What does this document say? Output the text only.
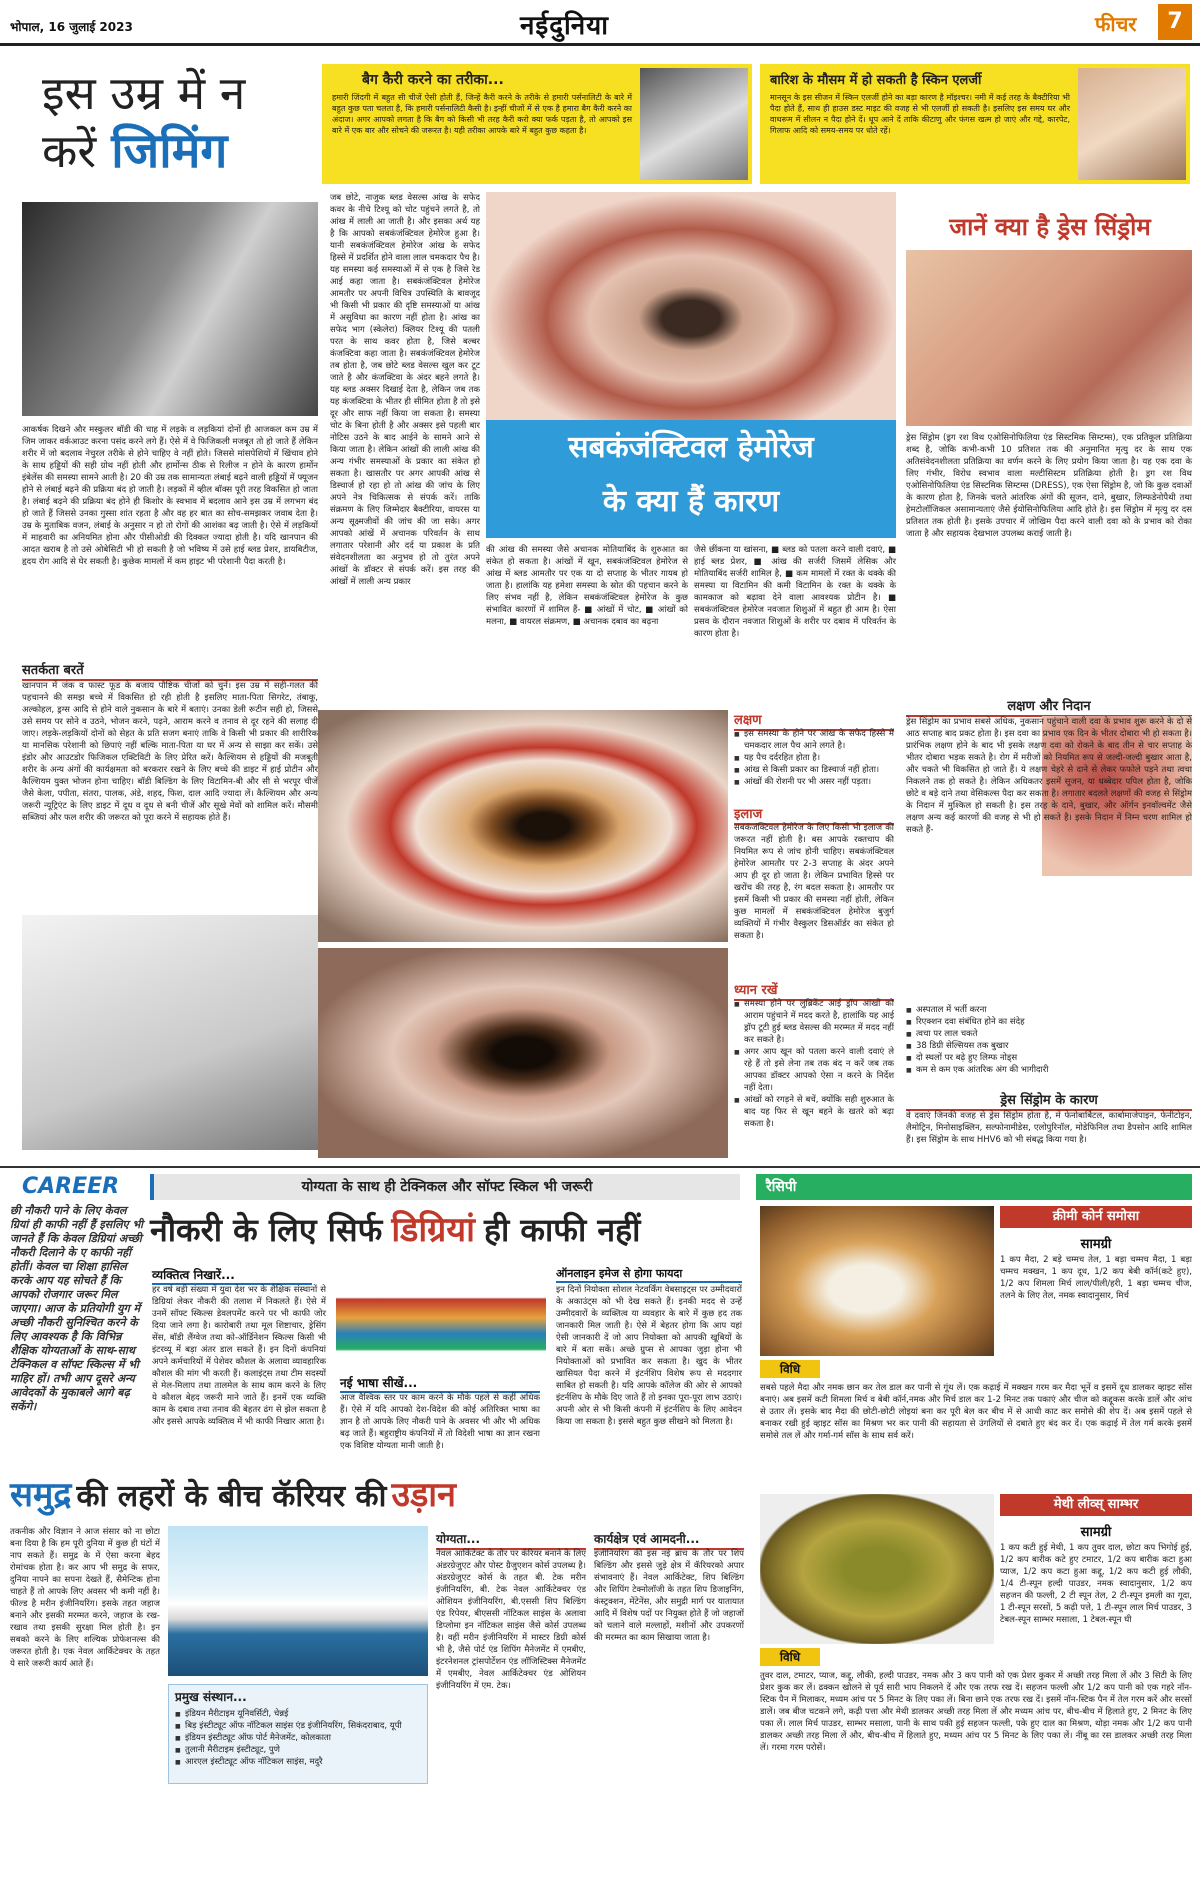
भोपाल, 16 जुलाई 2023	नईदुनिया	फीचर	7
इस उम्र में न
करें जिमिंग
आकर्षक दिखने और मस्कुलर बॉडी की चाह में लड़के व लड़कियां दोनों ही आजकल कम उम्र में जिम जाकर वर्कआउट करना पसंद करने लगे हैं। ऐसे में वे फिजिकली मजबूत तो हो जाते हैं लेकिन शरीर में जो बदलाव नेचुरल तरीके से होने चाहिए वे नहीं होते। जिससे मांसपेशियों में खिंचाव होने के साथ हड्डियों की सही ग्रोथ नहीं होती और हार्मोन्स ठीक से रिलीज न होने के कारण हार्मोन इंबेलेंस की समस्या सामने आती है। 20 की उम्र तक सामान्यतः लंबाई बढ़ने वाली हड्डियों में फ्यूजन होने से लंबाई बढ़ने की प्रक्रिया बंद हो जाती है। लड़कों में व्हील बॉक्स पूरी तरह विकसित हो जाता है। लंबाई बढ़ने की प्रक्रिया बंद होने ही किशोर के स्वभाव में बदलाव आने इस उम्र में लगभग बंद हो जाते हैं जिससे उनका गुस्सा शांत रहता है और वह हर बात का सोच-समझकर जवाब देता है। उम्र के मुताबिक वजन, लंबाई के अनुसार न हो तो रोगों की आशंका बढ़ जाती है। ऐसे में लड़कियों में माहवारी का अनियमित होना और पीसीओडी की दिक्कत ज्यादा होती है। यदि खानपान की आदत खराब है तो उसे ओबेसिटी भी हो सकती है जो भविष्य में उसे हाई ब्लड प्रेशर, डायबिटीज, हृदय रोग आदि से घेर सकती है। कुछेक मामलों में कम हाइट भी परेशानी पैदा करती है।
सतर्कता बरतें
खानपान में जंक व फास्ट फूड के बजाय पौष्टिक चीजों को चुनें। इस उम्र में सही-गलत की पहचानने की समझ बच्चे में विकसित हो रही होती है इसलिए माता-पिता सिगरेट, तंबाकू, अल्कोहल, ड्रग्स आदि से होने वाले नुकसान के बारे में बताएं। उनका डेली रूटीन सही हो, जिससे उसे समय पर सोने व उठने, भोजन करने, पढ़ने, आराम करने व तनाव से दूर रहने की सलाह दी जाए। लड़के-लड़कियों दोनों को सेहत के प्रति सजग बनाएं ताकि वे किसी भी प्रकार की शारीरिक या मानसिक परेशानी को छिपाएं नहीं बल्कि माता-पिता या घर में अन्य से साझा कर सकें। उसे इंडोर और आउटडोर फिजिकल एक्टिविटी के लिए प्रेरित करें। कैल्शियम से हड्डियों की मजबूती शरीर के अन्य अंगों की कार्यक्षमता को बरकरार रखने के लिए बच्चे की डाइट में हाई प्रोटीन और कैल्शियम युक्त भोजन होना चाहिए। बॉडी बिल्डिंग के लिए विटामिन-बी और सी से भरपूर चीजें जैसे केला, पपीता, संतरा, पालक, अंडे, शहद, फिश, दाल आदि ज्यादा लें। कैल्शियम और अन्य जरूरी न्यूट्रिएंट के लिए डाइट में दूध व दूध से बनी चीजें और सूखे मेवों को शामिल करें। मौसमी सब्जियां और फल शरीर की जरूरत को पूरा करने में सहायक होते हैं।
बैग कैरी करने का तरीका...
हमारी जिंदगी में बहुत सी चीजें ऐसी होती हैं, जिन्हें कैरी करने के तरीके से हमारी पर्सनालिटी के बारे में बहुत कुछ पता चलता है, कि हमारी पर्सनालिटी कैसी है। इन्हीं चीजों में से एक है हमारा बैग कैरी करने का अंदाज। अगर आपको लगता है कि बैग को किसी भी तरह कैरी करो क्या फर्क पड़ता है, तो आपको इस बारे में एक बार और सोचने की जरूरत है। यही तरीका आपके बारे में बहुत कुछ कहता है।
बारिश के मौसम में हो सकती है स्किन एलर्जी
मानसून के इस सीजन में स्किन एलर्जी होने का बड़ा कारण है मॉइश्चर। नमी में कई तरह के बैक्टीरिया भी पैदा होते हैं, साथ ही हाउस डस्ट माइट की वजह से भी एलर्जी हो सकती है। इसलिए इस समय घर और वाथरूम में सीलन न पैदा होने दें। धूप आने दें ताकि कीटाणु और फंगस खत्म हो जाएं और गद्दे, कारपेट, गिलाफ आदि को समय-समय पर धोते रहें।
जब छोटे, नाजुक ब्लड वेसल्स आंख के सफेद कवर के नीचे टिश्यू को चोट पहुंचने लगते है, तो आंख में लाली आ जाती है। और इसका अर्थ यह है कि आपको सबकंजंक्टिवल हेमोरेज हुआ है। यानी सबकंजंक्टिवल हेमोरेज आंख के सफेद हिस्से में प्रदर्शित होने वाला लाल चमकदार पैच है। यह समस्या कई समस्याओं में से एक है जिसे रेड आई कहा जाता है। सबकंजंक्टिवल हेमोरेज आमतौर पर अपनी विचित्र उपस्थिति के बावजूद भी किसी भी प्रकार की दृष्टि समस्याओं या आंख में असुविधा का कारण नहीं होता है। आंख का सफेद भाग (स्केलेरा) क्लियर टिश्यू की पतली परत के साथ कवर होता है, जिसे बल्बर कंजक्टिवा कहा जाता है। सबकंजंक्टिवल हेमोरेज तब होता है, जब छोटे ब्लड वेसल्स खुल कर टूट जाते है और कंजक्टिवा के अंदर बहने लगते है। यह ब्लड अक्सर दिखाई देता है, लेकिन जब तक यह कंजक्टिवा के भीतर ही सीमित होता है तो इसे दूर और साफ नहीं किया जा सकता है। समस्या चोट के बिना होती है और अक्सर इसे पहली बार नोटिस उठने के बाद आईने के सामने आने से किया जाता है। लेकिन आंखों की लाली आंख की अन्य गंभीर समस्याओं के प्रकार का संकेत हो सकता है। खासतौर पर अगर आपकी आंख से डिस्चार्ज हो रहा हो तो आंख की जांच के लिए अपने नेत्र चिकित्सक से संपर्क करें। ताकि संक्रमण के लिए जिम्मेदार बैक्टीरिया, वायरस या अन्य सूक्ष्मजीवों की जांच की जा सके। अगर आपको आंखें में अचानक परिवर्तन के साथ लगातार परेशानी और दर्द या प्रकाश के प्रति संवेदनशीलता का अनुभव हो तो तुरंत अपने आंखों के डॉक्टर से संपर्क करें। इस तरह की आंखों में लाली अन्य प्रकार
सबकंजंक्टिवल हेमोरेज
के क्या हैं कारण
की आंख की समस्या जैसे अचानक मोतियाबिंद के शुरुआत का संकेत हो सकता है। आंखों में खून, सबकंजंक्टिवल हेमोरेज से आंख में ब्लड आमतौर पर एक या दो सप्ताह के भीतर गायब हो जाता है। हालांकि यह हमेशा समस्या के स्रोत की पहचान करने के लिए संभव नहीं है, लेकिन सबकंजंक्टिवल हेमोरेज के कुछ संभावित कारणों में शामिल हैं- ■ आंखों में चोट, ■ आंखों को मलना, ■ वायरल संक्रमण, ■ अचानक दबाव का बढ़ना
जैसे छींकना या खांसना, ■ ब्लड को पतला करने वाली दवाएं, ■ हाई ब्लड प्रेशर, ■ आंख की सर्जरी जिसमें लेसिक और मोतियाबिंद सर्जरी शामिल है, ■ कम मामलों में रक्त के थक्के की समस्या या विटामिन की कमी विटामिन के रक्त के थक्के के कामकाज को बढ़ावा देने वाला आवश्यक प्रोटीन है। ■ सबकंजंक्टिवल हेमोरेज नवजात शिशुओं में बहुत ही आम है। ऐसा प्रसव के दौरान नवजात शिशुओं के शरीर पर दबाव में परिवर्तन के कारण होता है।
लक्षण
■ इस समस्या के होने पर आंख के सफेद हिस्से में चमकदार लाल पैच आने लगते है।
■ यह पैच दर्दरहित होता है।
■ आंख से किसी प्रकार का डिस्चार्ज नहीं होता।
■ आंखों की रोशनी पर भी असर नहीं पड़ता।
इलाज
सबकंजंक्टिवल हेमोरेज के लिए किसी भी इलाज की जरूरत नहीं होती है। बस आपके रक्तचाप की नियमित रूप से जांच होनी चाहिए। सबकंजंक्टिवल हेमोरेज आमतौर पर 2-3 सप्ताह के अंदर अपने आप ही दूर हो जाता है। लेकिन प्रभावित हिस्से पर खरोंच की तरह है, रंग बदल सकता है। आमतौर पर इसमें किसी भी प्रकार की समस्या नहीं होती, लेकिन कुछ मामलों में सबकंजंक्टिवल हेमोरेज बुजुर्ग व्यक्तियों में गंभीर वैस्कुलर डिसऑर्डर का संकेत हो सकता है।
ध्यान रखें
■ समस्या होने पर लुब्रिकेंट आई ड्रॉप आंखों को आराम पहुंचाने में मदद करते है, हालांकि यह आई ड्रॉप टूटी हुई ब्लड वेसल्स की मरम्मत में मदद नहीं कर सकते है।
■ अगर आप खून को पतला करने वाली दवाएं ले रहे हैं तो इसे लेना तब तक बंद न करें जब तक आपका डॉक्टर आपको ऐसा न करने के निर्देश नहीं देता।
■ आंखों को रगड़ने से बचें, क्योंकि सही शुरुआत के बाद यह फिर से खून बहने के खतरे को बढ़ा सकता है।
जानें क्या है ड्रेस सिंड्रोम
ड्रेस सिंड्रोम (ड्रग रश विथ एओसिनोफिलिया एंड सिस्टमिक सिम्टम्स), एक प्रतिकूल प्रतिक्रिया शब्द है, जोकि कभी-कभी 10 प्रतिशत तक की अनुमानित मृत्यु दर के साथ एक अतिसंवेदनशीलता प्रतिक्रिया का वर्णन करने के लिए प्रयोग किया जाता है। यह एक दवा के लिए गंभीर, विरोध स्वभाव वाला मल्टीसिस्टम प्रतिक्रिया होती है। ड्रग रश विथ एओसिनोफिलिया एंड सिस्टमिक सिम्टम्स (DRESS), एक ऐसा सिंड्रोम है, जो कि कुछ दवाओं के कारण होता है, जिनके चलते आंतरिक अंगों की सूजन, दाने, बुखार, लिम्फडेनोपैथी तथा हेमटोलॉजिकल असामान्यताएं जैसे ईयोसिनोफिलिया आदि होते है। इस सिंड्रोम में मृत्यु दर दस प्रतिशत तक होती है। इसके उपचार में जोखिम पैदा करने वाली दवा को के प्रभाव को रोका जाता है और सहायक देखभाल उपलब्ध कराई जाती है।
लक्षण और निदान
ड्रेस सिंड्रोम का प्रभाव सबसे अधिक, नुकसान पहुंचाने वाली दवा के प्रभाव शुरू करने के दो से आठ सप्ताह बाद प्रकट होता है। इस दवा का प्रभाव एक दिन के भीतर दोबारा भी हो सकता है। प्रारंभिक लक्षण होने के बाद भी इसके लक्षण दवा को रोकने के बाद तीन से चार सप्ताह के भीतर दोबारा भड़क सकते है। रोग में मरीजों को नियमित रूप से जल्दी-जल्दी बुखार आता है, और चकते भी विकसित हो जाते हैं। ये लक्षण चेहरे से दाने से लेकर फफोले पड़ने तथा त्वचा निकलने तक हो सकते है। लेकिन अधिकतर इसमें सूजन, या धब्बेदार पपिल होता है, जोकि छोटे व बड़े दाने तथा वेसिकल्स पैदा कर सकता है। लगातार बदलते लक्षणों की वजह से सिंड्रोम के निदान में मुश्किल हो सकती है। इस तरह के दाने, बुखार, और ऑर्गन इनवॉल्वमेंट जैसे लक्षण अन्य कई कारणों की वजह से भी हो सकते है। इसके निदान में निम्न चरण शामिल हो सकते हैं-
■ अस्पताल में भर्ती करना
■ रिएक्शन दवा संबंधित होने का संदेह
■ त्वचा पर लाल चकते
■ 38 डिग्री सेल्सियस तक बुखार
■ दो स्थलों पर बढ़े हुए लिम्फ नोड्स
■ कम से कम एक आंतरिक अंग की भागीदारी
ड्रेस सिंड्रोम के कारण
वे दवाएं जिनकी वजह से ड्रेस सिंड्रोम होता है, में फेनोबार्बिटल, कार्बामाजेपाइन, फेनीटोइन, लैमोट्रिन, मिनोसाइक्लिन, सल्फोनामीडेस, एलोपुरिनॉल, मोडेफिनिल तथा डैपसोन आदि शामिल हैं। इस सिंड्रोम के साथ HHV6 को भी संबद्ध किया गया है।
CAREER	योग्यता के साथ ही टेक्निकल और सॉफ्ट स्किल भी जरूरी
नौकरी के लिए सिर्फ डिग्रियां ही काफी नहीं
छी नौकरी पाने के लिए केवल ग्रियां ही काफी नहीं हैं इसलिए भी जानते हैं कि केवल डिग्रियां अच्छी नौकरी दिलाने के ए काफी नहीं होतीं। केवल चा शिक्षा हासिल करके आप यह सोचते हैं कि आपको रोजगार जरूर मिल जाएगा। आज के प्रतियोगी युग में अच्छी नौकरी सुनिश्चित करने के लिए आवश्यक है कि विभिन्न शैक्षिक योग्यताओं के साथ-साथ टेक्निकल व सॉफ्ट स्किल्स में भी माहिर हों। तभी आप दूसरे अन्य आवेदकों के मुकाबले आगे बढ़ सकेंगे।
व्यक्तित्व निखारें...
हर वर्ष बड़ी संख्या में युवा देश भर के शैक्षिक संस्थानों से डिग्रियां लेकर नौकरी की तलाश में निकलते हैं। ऐसे में उनमें सॉफ्ट स्किल्स डेवलपमेंट करने पर भी काफी जोर दिया जाने लगा है। कारोबारी तथा मूल शिष्टाचार, ड्रेसिंग सेंस, बॉडी लैंग्वेज तथा को-ऑर्डिनेशन स्किल्स किसी भी इंटरव्यू में बड़ा अंतर डाल सकते हैं। इन दिनों कंपनियां अपने कर्मचारियों में पेशेवर कौशल के अलावा व्यावहारिक कौशल की मांग भी करती हैं। कलाइंट्स तथा टीम सदस्यों से मेल-मिलाप तथा तालमेल के साथ काम करने के लिए ये कौशल बेहद जरूरी माने जाते हैं। इनमें एक व्यक्ति काम के दबाव तथा तनाव की बेहतर ढंग से झेल सकता है और इससे आपके व्यक्तित्व में भी काफी निखार आता है।
नई भाषा सीखें...
आज वैश्विक स्तर पर काम करने के मौके पहले से कहीं अधिक हैं। ऐसे में यदि आपको देश-विदेश की कोई अतिरिक्त भाषा का ज्ञान है तो आपके लिए नौकरी पाने के अवसर भी और भी अधिक बढ़ जाते हैं। बहुराष्ट्रीय कंपनियों में तो विदेशी भाषा का ज्ञान रखना एक विशिष्ट योग्यता मानी जाती है।
ऑनलाइन इमेज से होगा फायदा
इन दिनों नियोक्ता सोशल नेटवर्किंग वेबसाइट्स पर उम्मीदवारों के अकाउंट्स को भी देख सकते हैं। इनकी मदद से उन्हें उम्मीदवारों के व्यक्तित्व या व्यवहार के बारे में कुछ हद तक जानकारी मिल जाती है। ऐसे में बेहतर होगा कि आप यहां ऐसी जानकारी दें जो आप नियोक्ता को आपकी खूबियों के बारे में बता सकें। अच्छे ग्रुप्स से आपका जुड़ा होना भी नियोक्ताओं को प्रभावित कर सकता है। खुद के भीतर खासियत पैदा करने में इंटर्नशिप विशेष रूप से मददगार साबित हो सकती है। यदि आपके कॉलेज की ओर से आपको इंटर्नशिप के मौके दिए जाते हैं तो इनका पूरा-पूरा लाभ उठाएं। अपनी ओर से भी किसी कंपनी में इंटर्नशिप के लिए आवेदन किया जा सकता है। इससे बहुत कुछ सीखने को मिलता है।
समुद्र की लहरों के बीच कॅरियर की उड़ान
तकनीक और विज्ञान ने आज संसार को ना छोटा बना दिया है कि हम पूरी दुनिया में कुछ ही घंटों में नाप सकते हैं। समुद्र के में ऐसा करना बेहद रोमांचक होता है। कर आप भी समुद्र के सफर, दुनिया नापने का सपना देखते हैं, सैमेन्टिक होना चाहते हैं तो आपके लिए अवसर भी कमी नहीं है। फील्ड है मरीन इंजीनियरिंग। इसके तहत जहाज बनाने और इसकी मरम्मत करने, जहाज के रख-रखाव तथा इसकी सुरक्षा मिल होती है। इन सबको करने के लिए शल्यिक प्रोफेशनल्स की जरूरत होती है। एक नेवल आर्किटेक्चर के तहत ये सारे जरूरी कार्य आते हैं।
प्रमुख संस्थान...
■ इंडियन मैरीटाइम यूनिवर्सिटी, चेन्नई
■ बिड़ इंस्टीट्यूट ऑफ नॉटिकल साइंस एंड इंजीनियरिंग, सिकंदराबाद, यूपी
■ इंडियन इंस्टीट्यूट ऑफ पोर्ट मैनेजमेंट, कोलकाता
■ तुलानी मैरीटाइम इंस्टीट्यूट, पुणे
■ आरएल इंस्टीट्यूट ऑफ नॉटिकल साइंस, मदुरै
योग्यता...
नेवल आर्किटेक्ट के तौर पर कॅरियर बनाने के लिए अंडरग्रेजुएट और पोस्ट ग्रैजुएशन कोर्स उपलब्ध है। अंडरग्रेजुएट कोर्स के तहत बी. टेक मरीन इंजीनियरिंग, बी. टेक नेवल आर्किटेक्चर एंड ओशियन इंजीनियरिंग, बी.एससी शिप बिल्डिंग एंड रिपेयर, बीएससी नॉटिकल साइंस के अलावा डिप्लोमा इन नॉटिकल साइंस जैसे कोर्स उपलब्ध है। वहीं मरीन इंजीनियरिंग में मास्टर डिग्री कोर्स भी है, जैसे पोर्ट एंड शिपिंग मैनेजमेंट में एमबीए, इंटरनेशनल ट्रांसपोर्टेशन एंड लॉजिस्टिक्स मैनेजमेंट में एमबीए, नेवल आर्किटेक्चर एंड ओशियन इंजीनियरिंग में एम. टेक।
कार्यक्षेत्र एवं आमदनी...
इंजीनियरिंग की इस नई ब्रांच के तौर पर शिप बिल्डिंग और इससे जुड़े क्षेत्र में कॅरियरको अपार संभावनाएं हैं। नेवल आर्किटेक्ट, शिप बिल्डिंग और शिपिंग टेक्नोलॉजी के तहत शिप डिजाइनिंग, कंस्ट्रक्शन, मेंटेनेंस, और समुद्री मार्ग पर यातायात आदि में विशेष पदों पर नियुक्त होते हैं जो जहाजों को चलाने वाले मल्लाहों, मशीनों और उपकरणों की मरम्मत का काम सिखाया जाता है।
रैसिपी
क्रीमी कोर्न समोसा
सामग्री
1 कप मैदा, 2 बड़े चम्मच तेल, 1 बड़ा चम्मच मैदा, 1 बड़ा चम्मच मक्खन, 1 कप दूध, 1/2 कप बेबी कॉर्न(कटे हुए), 1/2 कप शिमला मिर्च लाल/पीली/हरी, 1 बड़ा चम्मच चीज, तलने के लिए तेल, नमक स्वादानुसार, मिर्च
विधि
सबसे पहले मैदा और नमक छान कर तेल डाल कर पानी से गूंथ लें। एक कढ़ाई में मक्खन गरम कर मैदा भूनें व इसमें दूध डालकर व्हाइट सॉस बनाएं। अब इसमें कटी शिमला मिर्च व बेबी कॉर्न,नमक और मिर्च डाल कर 1-2 मिनट तक पकाएं और चीज को कद्दूकस करके डालें और आंच से उतार लें। इसके बाद मैदा की छोटी-छोटी लोइयां बना कर पूरी बेल कर बीच में से आधी काट कर समोसे की शेप दें। अब इसमें पहले से बनाकर रखी हुई व्हाइट सॉस का मिश्रण भर कर पानी की सहायता से उंगलियों से दबाते हुए बंद कर दें। एक कढ़ाई में तेल गर्म करके इसमें समोसे तल लें और गर्मा-गर्म सॉस के साथ सर्व करें।
मेथी लीव्स् साम्भर
सामग्री
1 कप कटी हुई मेथी, 1 कप तुवर दाल, छोटा कप भिगोई हुई, 1/2 कप बारीक कटे हुए टमाटर, 1/2 कप बारीक कटा हुआ प्याज, 1/2 कप कटा हुआ कद्दू, 1/2 कप कटी हुई लौकी, 1/4 टी-स्पून हल्दी पाउडर, नमक स्वादानुसार, 1/2 कप सहजन की फल्ली, 2 टी स्पून तेल, 2 टी-स्पून इमली का गूदा, 1 टी-स्पून सरसों, 5 कढ़ी पत्ते, 1 टी-स्पून लाल मिर्च पाउडर, 3 टेबल-स्पून साम्भर मसाला, 1 टेबल-स्पून घी
विधि
तुवर दाल, टमाटर, प्याज, कद्दू, लौकी, हल्दी पाउडर, नमक और 3 कप पानी को एक प्रेशर कुकर में अच्छी तरह मिला लें और 3 सिटी के लिए प्रेशर कुक कर लें। ढक्कन खोलने से पूर्व सारी भाप निकलने दें और एक तरफ रख दें। सहजन फल्ली और 1/2 कप पानी को एक गहरे नॉन-स्टिक पैन में मिलाकर, मध्यम आंच पर 5 मिनट के लिए पका लें। बिना छाने एक तरफ रख दें। इसमें नॉन-स्टिक पैन में तेल गरम करें और सरसों डालें। जब बीज चटकने लगे, कढ़ी पत्ता और मेथी डालकर अच्छी तरह मिला लें और मध्यम आंच पर, बीच-बीच में हिलाते हुए, 2 मिनट के लिए पका लें। लाल मिर्च पाउडर, साम्भर मसाला, पानी के साथ पकी हुई सहजन फल्ली, पके हुए दाल का मिश्रण, थोड़ा नमक और 1/2 कप पानी डालकर अच्छी तरह मिला लें और, बीच-बीच में हिलाते हुए, मध्यम आंच पर 5 मिनट के लिए पका लें। नींबू का रस डालकर अच्छी तरह मिला लें। गरमा गरम परोसें।
